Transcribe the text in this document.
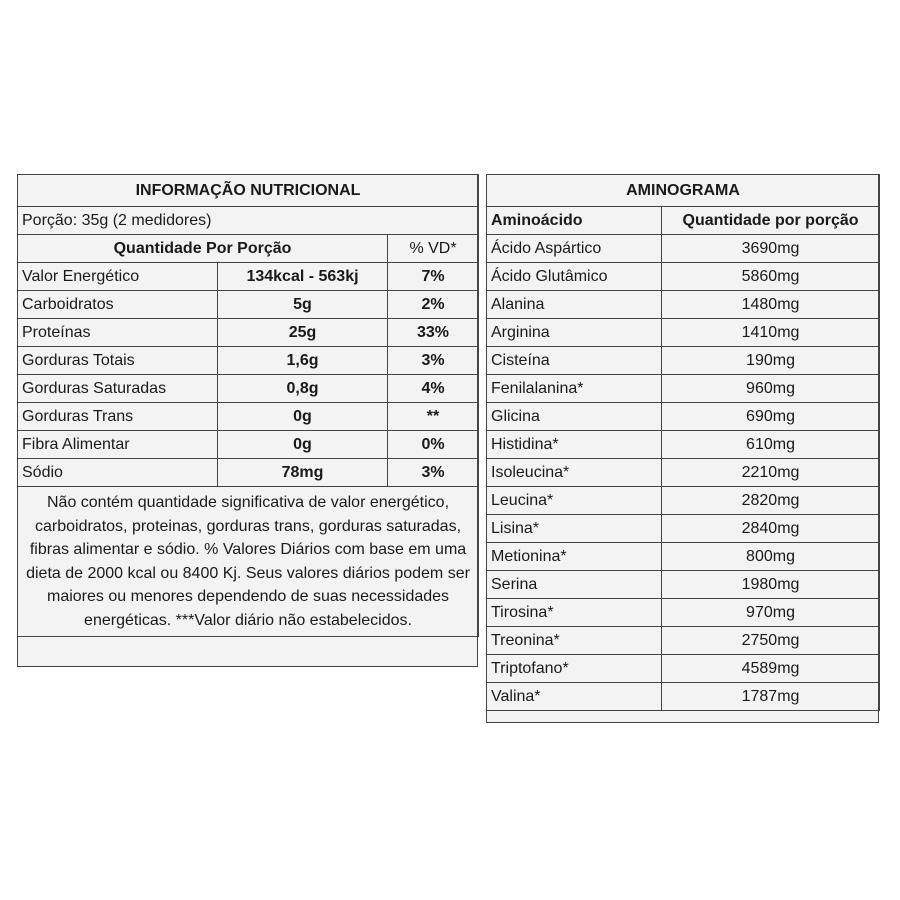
INFORMAÇÃO NUTRICIONAL		
Porção: 35g (2 medidores)		
Quantidade Por Porção		% VD*
Valor Energético	134kcal - 563kj	7%
Carboidratos	5g	2%
Proteínas	25g	33%
Gorduras Totais	1,6g	3%
Gorduras Saturadas	0,8g	4%
Gorduras Trans	0g	**
Fibra Alimentar	0g	0%
Sódio	78mg	3%
Não contém quantidade significativa de valor energético, carboidratos, proteinas, gorduras trans, gorduras saturadas, fibras alimentar e sódio. % Valores Diários com base em uma dieta de 2000 kcal ou 8400 Kj. Seus valores diários podem ser maiores ou menores dependendo de suas necessidades energéticas. ***Valor diário não estabelecidos.		
AMINOGRAMA	
Aminoácido	Quantidade por porção
Ácido Aspártico	3690mg
Ácido Glutâmico	5860mg
Alanina	1480mg
Arginina	1410mg
Cisteína	190mg
Fenilalanina*	960mg
Glicina	690mg
Histidina*	610mg
Isoleucina*	2210mg
Leucina*	2820mg
Lisina*	2840mg
Metionina*	800mg
Serina	1980mg
Tirosina*	970mg
Treonina*	2750mg
Triptofano*	4589mg
Valina*	1787mg
